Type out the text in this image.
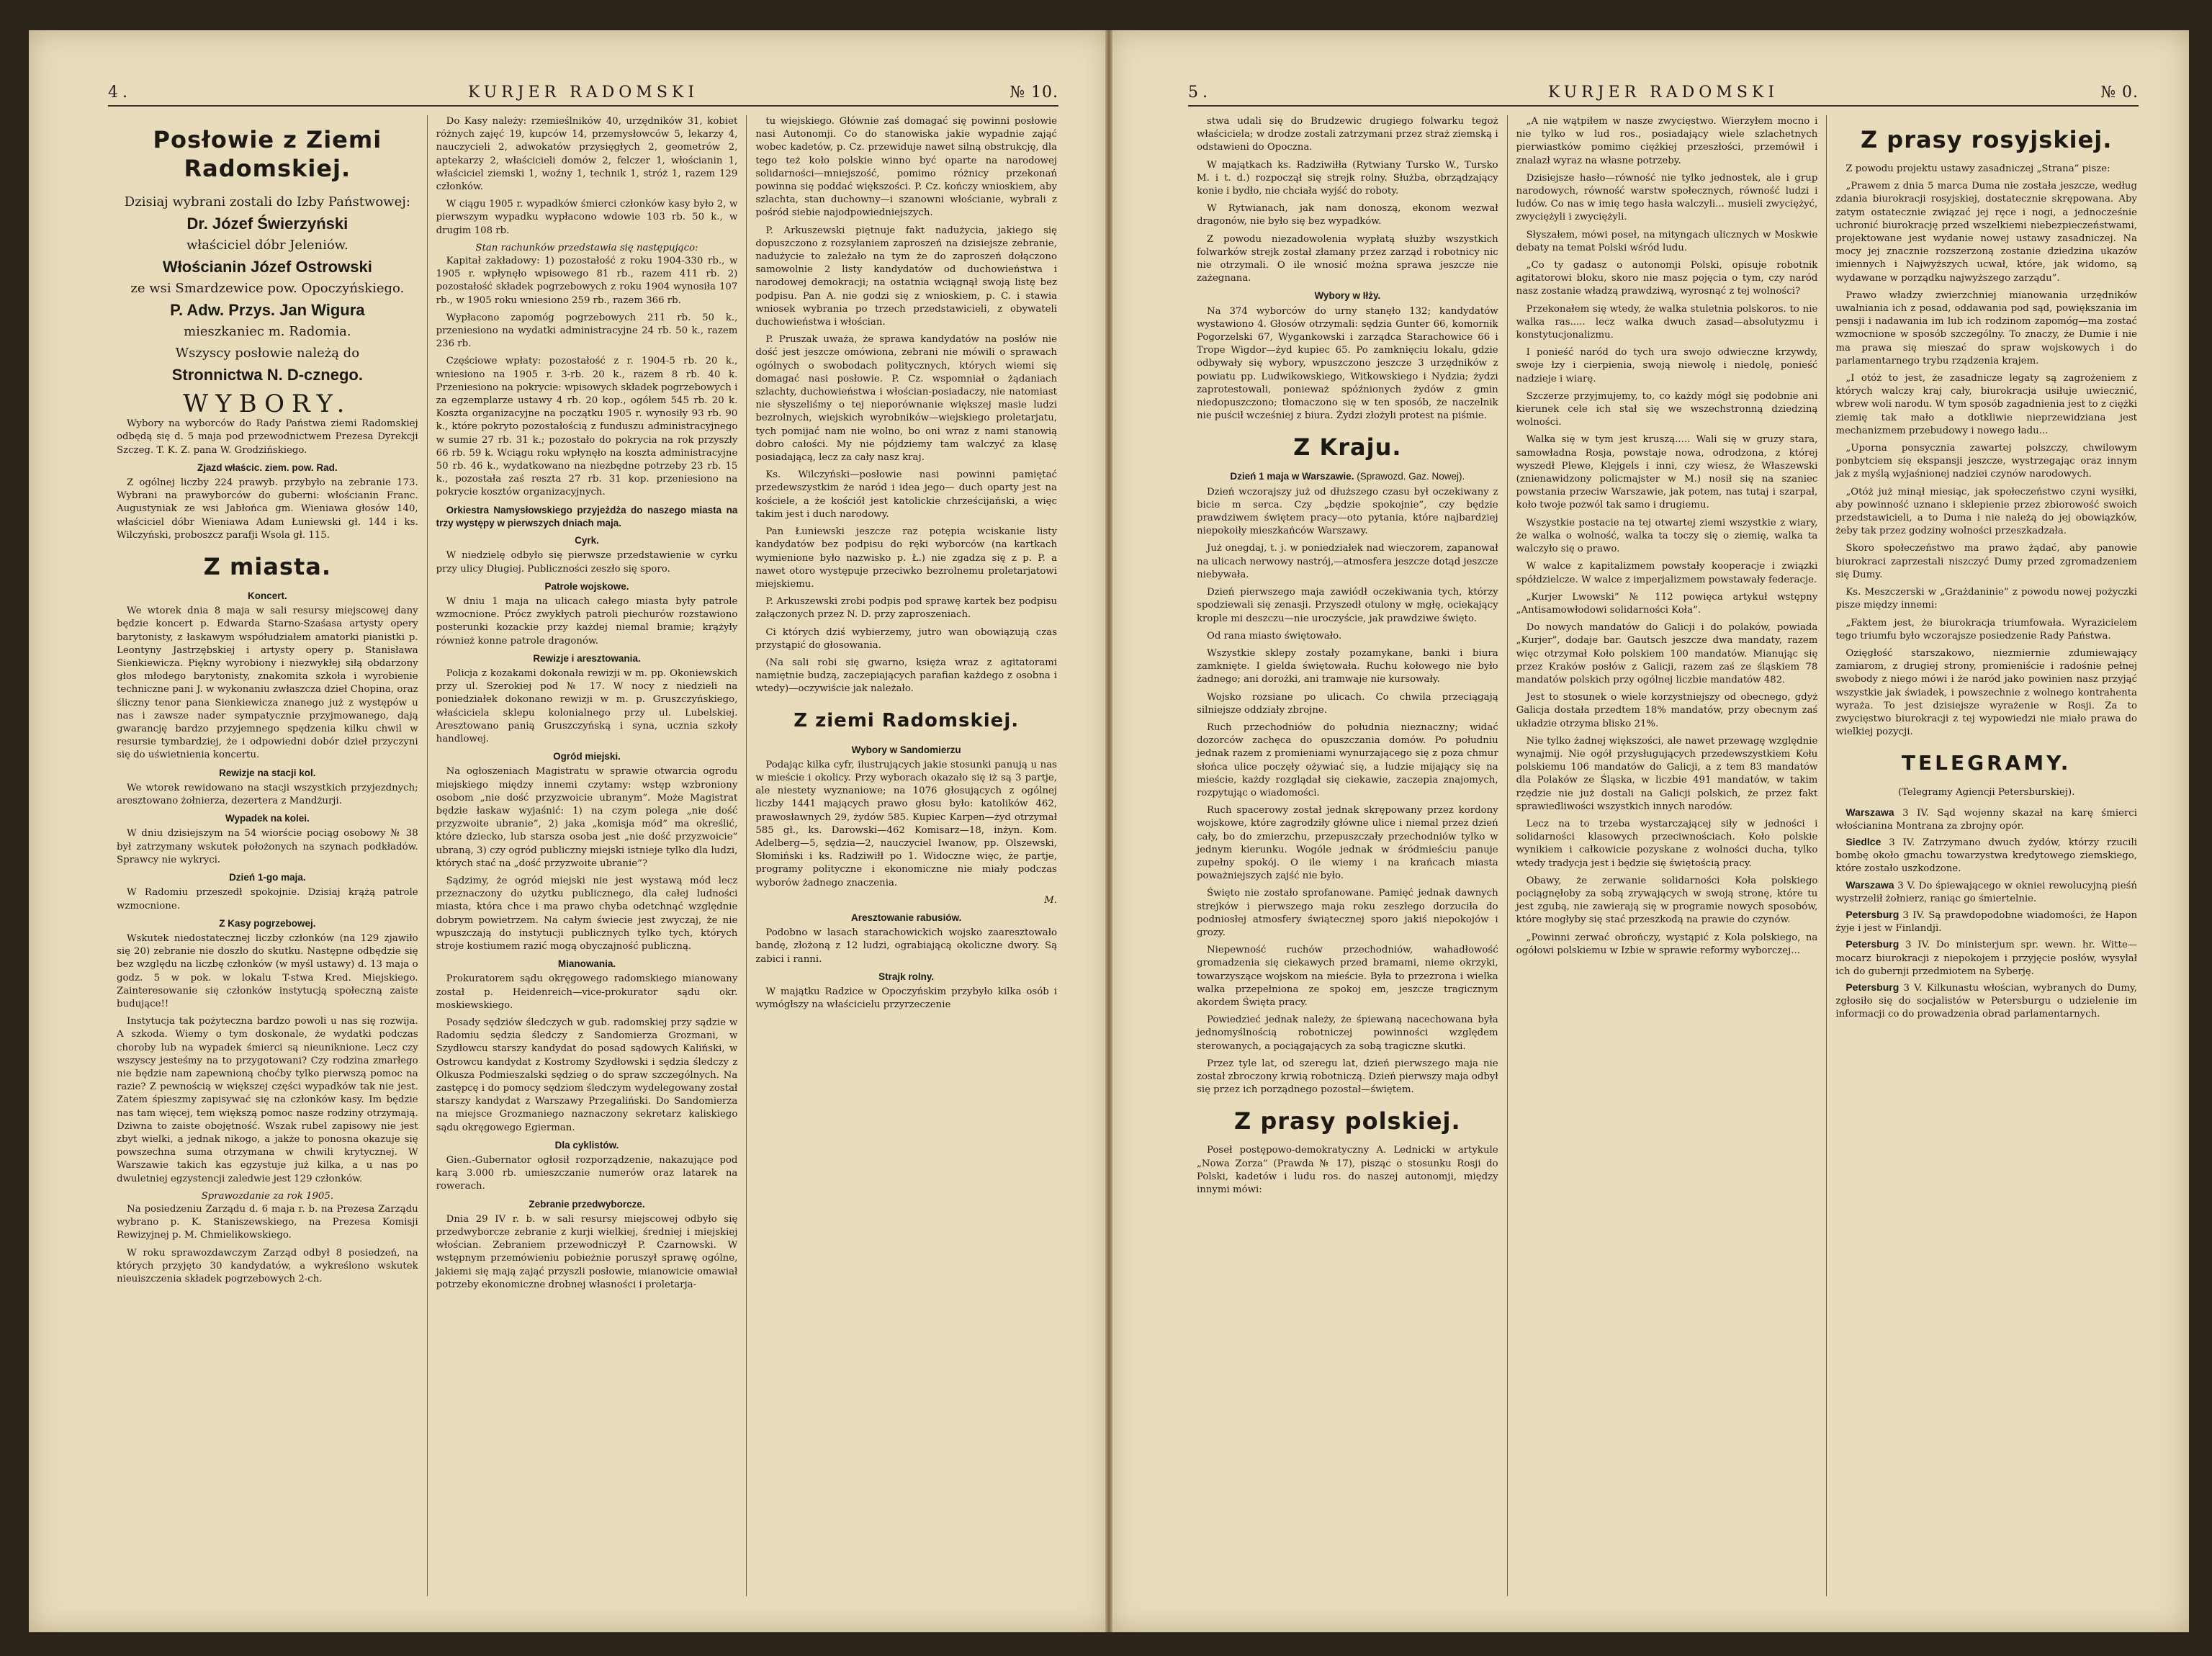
4.	KURJER RADOMSKI	№ 10.
Posłowie z Ziemi Radomskiej.
Dzisiaj wybrani zostali do Izby Państwowej:
Dr. Józef Świerzyński
właściciel dóbr Jeleniów.
Włościanin Józef Ostrowski
ze wsi Smardzewice pow. Opoczyńskiego.
P. Adw. Przys. Jan Wigura
mieszkaniec m. Radomia.
Wszyscy posłowie należą do
Stronnictwa N. D-cznego.
WYBORY.

Wybory na wyborców do Rady Państwa ziemi Radomskiej odbędą się d. 5 maja pod przewodnictwem Prezesa Dyrekcji Szczeg. T. K. Z. pana W. Grodzińskiego.

Zjazd właścic. ziem. pow. Rad.

Z ogólnej liczby 224 prawyb. przybyło na zebranie 173. Wybrani na prawyborców do guberni: włościanin Franc. Augustyniak ze wsi Jabłońca gm. Wieniawa głosów 140, właściciel dóbr Wieniawa Adam Łuniewski gł. 144 i ks. Wilczyński, proboszcz parafji Wsola gł. 115.

Z miasta.
Koncert.

We wtorek dnia 8 maja w sali resursy miejscowej dany będzie koncert p. Edwarda Starno-Szaśasa artysty opery barytonisty, z łaskawym współudziałem amatorki pianistki p. Leontyny Jastrzębskiej i artysty opery p. Stanisława Sienkiewicza. Piękny wyrobiony i niezwykłej siłą obdarzony głos młodego barytonisty, znakomita szkoła i wyrobienie techniczne pani J. w wykonaniu zwłaszcza dzieł Chopina, oraz śliczny tenor pana Sienkiewicza znanego już z występów u nas i zawsze nader sympatycznie przyjmowanego, dają gwarancję bardzo przyjemnego spędzenia kilku chwil w resursie tymbardziej, że i odpowiedni dobór dzieł przyczyni się do uświetnienia koncertu.

Rewizje na stacji kol.

We wtorek rewidowano na stacji wszystkich przyjezdnych; aresztowano żołnierza, dezertera z Mandżurji.

Wypadek na kolei.

W dniu dzisiejszym na 54 wiorście pociąg osobowy № 38 był zatrzymany wskutek położonych na szynach podkładów. Sprawcy nie wykryci.

Dzień 1-go maja.

W Radomiu przeszedł spokojnie. Dzisiaj krążą patrole wzmocnione.

Z Kasy pogrzebowej.

Wskutek niedostatecznej liczby członków (na 129 zjawiło się 20) zebranie nie doszło do skutku. Następne odbędzie się bez względu na liczbę członków (w myśl ustawy) d. 13 maja o godz. 5 w pok. w lokalu T-stwa Kred. Miejskiego. Zainteresowanie się członków instytucją społeczną zaiste budujące!!

Instytucja tak pożyteczna bardzo powoli u nas się rozwija. A szkoda. Wiemy o tym doskonale, że wydatki podczas choroby lub na wypadek śmierci są nieuniknione. Lecz czy wszyscy jesteśmy na to przygotowani? Czy rodzina zmarłego nie będzie nam zapewnioną choćby tylko pierwszą pomoc na razie? Z pewnością w większej części wypadków tak nie jest. Zatem śpieszmy zapisywać się na członków kasy. Im będzie nas tam więcej, tem większą pomoc nasze rodziny otrzymają. Dziwna to zaiste obojętność. Wszak rubel zapisowy nie jest zbyt wielki, a jednak nikogo, a jakże to ponosna okazuje się powszechna suma otrzymana w chwili krytycznej. W Warszawie takich kas egzystuje już kilka, a u nas po dwuletniej egzystencji zaledwie jest 129 członków.

Sprawozdanie za rok 1905.

Na posiedzeniu Zarządu d. 6 maja r. b. na Prezesa Zarządu wybrano p. K. Staniszewskiego, na Prezesa Komisji Rewizyjnej p. M. Chmielikowskiego.

W roku sprawozdawczym Zarząd odbył 8 posiedzeń, na których przyjęto 30 kandydatów, a wykreślono wskutek nieuiszczenia składek pogrzebowych 2-ch.

Do Kasy należy: rzemieślników 40, urzędników 31, kobiet różnych zajęć 19, kupców 14, przemysłowców 5, lekarzy 4, nauczycieli 2, adwokatów przysięgłych 2, geometrów 2, aptekarzy 2, właścicieli domów 2, felczer 1, włościanin 1, właściciel ziemski 1, woźny 1, technik 1, stróż 1, razem 129 członków.

W ciągu 1905 r. wypadków śmierci członków kasy było 2, w pierwszym wypadku wypłacono wdowie 103 rb. 50 k., w drugim 108 rb.

Stan rachunków przedstawia się następująco:

Kapitał zakładowy: 1) pozostałość z roku 1904-330 rb., w 1905 r. wpłynęło wpisowego 81 rb., razem 411 rb. 2) pozostałość składek pogrzebowych z roku 1904 wynosiła 107 rb., w 1905 roku wniesiono 259 rb., razem 366 rb.

Wypłacono zapomóg pogrzebowych 211 rb. 50 k., przeniesiono na wydatki administracyjne 24 rb. 50 k., razem 236 rb.

Częściowe wpłaty: pozostałość z r. 1904-5 rb. 20 k., wniesiono na 1905 r. 3-rb. 20 k., razem 8 rb. 40 k. Przeniesiono na pokrycie: wpisowych składek pogrzebowych i za egzemplarze ustawy 4 rb. 20 kop., ogółem 545 rb. 20 k. Koszta organizacyjne na początku 1905 r. wynosiły 93 rb. 90 k., które pokryto pozostałością z funduszu administracyjnego w sumie 27 rb. 31 k.; pozostało do pokrycia na rok przyszły 66 rb. 59 k. Wciągu roku wpłynęło na koszta administracyjne 50 rb. 46 k., wydatkowano na niezbędne potrzeby 23 rb. 15 k., pozostała zaś reszta 27 rb. 31 kop. przeniesiono na pokrycie kosztów organizacyjnych.

Orkiestra Namysłowskiego przyjeżdża do naszego miasta na trzy występy w pierwszych dniach maja.

Cyrk.

W niedzielę odbyło się pierwsze przedstawienie w cyrku przy ulicy Długiej. Publiczności zeszło się sporo.

Patrole wojskowe.

W dniu 1 maja na ulicach całego miasta były patrole wzmocnione. Prócz zwykłych patroli piechurów rozstawiono posterunki kozackie przy każdej niemal bramie; krążyły również konne patrole dragonów.

Rewizje i aresztowania.

Policja z kozakami dokonała rewizji w m. pp. Okoniewskich przy ul. Szerokiej pod № 17. W nocy z niedzieli na poniedziałek dokonano rewizji w m. p. Gruszczyńskiego, właściciela sklepu kolonialnego przy ul. Lubelskiej. Aresztowano panią Gruszczyńską i syna, ucznia szkoły handlowej.

Ogród miejski.

Na ogłoszeniach Magistratu w sprawie otwarcia ogrodu miejskiego między innemi czytamy: wstęp wzbroniony osobom „nie dość przyzwoicie ubranym”. Może Magistrat będzie łaskaw wyjaśnić: 1) na czym polega „nie dość przyzwoite ubranie”, 2) jaka „komisja mód” ma określić, które dziecko, lub starsza osoba jest „nie dość przyzwoicie” ubraną, 3) czy ogród publiczny miejski istnieje tylko dla ludzi, których stać na „dość przyzwoite ubranie”?

Sądzimy, że ogród miejski nie jest wystawą mód lecz przeznaczony do użytku publicznego, dla całej ludności miasta, która chce i ma prawo chyba odetchnąć względnie dobrym powietrzem. Na całym świecie jest zwyczaj, że nie wpuszczają do instytucji publicznych tylko tych, których stroje kostiumem razić mogą obyczajność publiczną.

Mianowania.

Prokuratorem sądu okręgowego radomskiego mianowany został p. Heidenreich—vice-prokurator sądu okr. moskiewskiego.

Posady sędziów śledczych w gub. radomskiej przy sądzie w Radomiu sędzia śledczy z Sandomierza Grozmani, w Szydłowcu starszy kandydat do posad sądowych Kaliński, w Ostrowcu kandydat z Kostromy Szydłowski i sędzia śledczy z Olkusza Podmieszalski sędzieg o do spraw szczególnych. Na zastępcę i do pomocy sędziom śledczym wydelegowany został starszy kandydat z Warszawy Przegaliński. Do Sandomierza na miejsce Grozmaniego naznaczony sekretarz kaliskiego sądu okręgowego Egierman.

Dla cyklistów.

Gien.-Gubernator ogłosił rozporządzenie, nakazujące pod karą 3.000 rb. umieszczanie numerów oraz latarek na rowerach.

Zebranie przedwyborcze.

Dnia 29 IV r. b. w sali resursy miejscowej odbyło się przedwyborcze zebranie z kurji wielkiej, średniej i miejskiej włościan. Zebraniem przewodniczył P. Czarnowski. W wstępnym przemówieniu pobieżnie poruszył sprawę ogólne, jakiemi się mają zająć przyszli posłowie, mianowicie omawiał potrzeby ekonomiczne drobnej własności i proletarja-

tu wiejskiego. Głównie zaś domagać się powinni posłowie nasi Autonomji. Co do stanowiska jakie wypadnie zająć wobec kadetów, p. Cz. przewiduje nawet silną obstrukcję, dla tego też koło polskie winno być oparte na narodowej solidarności—mniejszość, pomimo różnicy przekonań powinna się poddać większości. P. Cz. kończy wnioskiem, aby szlachta, stan duchowny—i szanowni włościanie, wybrali z pośród siebie najodpowiedniejszych.

P. Arkuszewski piętnuje fakt nadużycia, jakiego się dopuszczono z rozsyłaniem zaproszeń na dzisiejsze zebranie, nadużycie to zależało na tym że do zaproszeń dołączono samowolnie 2 listy kandydatów od duchowieństwa i narodowej demokracji; na ostatnia wciągnął swoją listę bez podpisu. Pan A. nie godzi się z wnioskiem, p. C. i stawia wniosek wybrania po trzech przedstawicieli, z obywateli duchowieństwa i włościan.

P. Pruszak uważa, że sprawa kandydatów na posłów nie dość jest jeszcze omówiona, zebrani nie mówili o sprawach ogólnych o swobodach politycznych, których wiemi się domagać nasi posłowie. P. Cz. wspomniał o żądaniach szlachty, duchowieństwa i włościan-posiadaczy, nie natomiast nie słyszeliśmy o tej nieporównanie większej masie ludzi bezrolnych, wiejskich wyrobników—wiejskiego proletarjatu, tych pomijać nam nie wolno, bo oni wraz z nami stanowią dobro całości. My nie pójdziemy tam walczyć za klasę posiadającą, lecz za cały nasz kraj.

Ks. Wilczyński—posłowie nasi powinni pamiętać przedewszystkim że naród i idea jego— duch oparty jest na kościele, a że kościół jest katolickie chrześcijański, a więc takim jest i duch narodowy.

Pan Łuniewski jeszcze raz potępia wciskanie listy kandydatów bez podpisu do ręki wyborców (na kartkach wymienione było nazwisko p. Ł.) nie zgadza się z p. P. a nawet otoro występuje przeciwko bezrolnemu proletarjatowi miejskiemu.

P. Arkuszewski zrobi podpis pod sprawę kartek bez podpisu załączonych przez N. D. przy zaproszeniach.

Ci których dziś wybierzemy, jutro wan obowiązują czas przystąpić do głosowania.

(Na sali robi się gwarno, księża wraz z agitatorami namiętnie budzą, zaczepiających parafian każdego z osobna i wtedy)—oczywiście jak należało.

Z ziemi Radomskiej.
Wybory w Sandomierzu

Podając kilka cyfr, ilustrujących jakie stosunki panują u nas w mieście i okolicy. Przy wyborach okazało się iż są 3 partje, ale niestety wyznaniowe; na 1076 głosujących z ogólnej liczby 1441 mających prawo głosu było: katolików 462, prawosławnych 29, żydów 585. Kupiec Karpen—żyd otrzymał 585 gł., ks. Darowski—462 Komisarz—18, inżyn. Kom. Adelberg—5, sędzia—2, nauczyciel Iwanow, pp. Olszewski, Słomiński i ks. Radziwiłł po 1. Widoczne więc, że partje, programy polityczne i ekonomiczne nie miały podczas wyborów żadnego znaczenia.

M.
Aresztowanie rabusiów.

Podobno w lasach starachowickich wojsko zaaresztowało bandę, złożoną z 12 ludzi, ograbiającą okoliczne dwory. Są zabici i ranni.

Strajk rolny.

W majątku Radzice w Opoczyńskim przybyło kilka osób i wymógłszy na właścicielu przyrzeczenie

5.	KURJER RADOMSKI	№ 0.

stwa udali się do Brudzewic drugiego folwarku tegoż właściciela; w drodze zostali zatrzymani przez straż ziemską i odstawieni do Opoczna.

W majątkach ks. Radziwiłła (Rytwiany Tursko W., Tursko M. i t. d.) rozpoczął się strejk rolny. Służba, obrządzający konie i bydło, nie chciała wyjść do roboty.

W Rytwianach, jak nam donoszą, ekonom wezwał dragonów, nie było się bez wypadków.

Z powodu niezadowolenia wypłatą służby wszystkich folwarków strejk został złamany przez zarząd i robotnicy nic nie otrzymali. O ile wnosić można sprawa jeszcze nie zażegnana.

Wybory w Iłży.

Na 374 wyborców do urny stanęło 132; kandydatów wystawiono 4. Głosów otrzymali: sędzia Gunter 66, komornik Pogorzelski 67, Wygankowski i zarządca Starachowice 66 i Trope Wigdor—żyd kupiec 65. Po zamknięciu lokalu, gdzie odbywały się wybory, wpuszczono jeszcze 3 urzędników z powiatu pp. Ludwikowskiego, Witkowskiego i Nydzia; żydzi zaprotestowali, ponieważ spóźnionych żydów z gmin niedopuszczono; tłomaczono się w ten sposób, że naczelnik nie puścił wcześniej z biura. Żydzi złożyli protest na piśmie.

Z Kraju.
Dzień 1 maja w Warszawie. (Sprawozd. Gaz. Nowej).

Dzień wczorajszy już od dłuższego czasu był oczekiwany z bicie m serca. Czy „będzie spokojnie”, czy będzie prawdziwem świętem pracy—oto pytania, które najbardziej niepokoiły mieszkańców Warszawy.

Już onegdaj, t. j. w poniedziałek nad wieczorem, zapanował na ulicach nerwowy nastrój,—atmosfera jeszcze dotąd jeszcze niebywała.

Dzień pierwszego maja zawiódł oczekiwania tych, którzy spodziewali się zenasji. Przyszedł otulony w mgłę, ociekający krople mi deszczu—nie uroczyście, jak prawdziwe święto.

Od rana miasto świętowało.

Wszystkie sklepy zostały pozamykane, banki i biura zamknięte. I gielda świętowała. Ruchu kołowego nie było żadnego; ani dorożki, ani tramwaje nie kursowały.

Wojsko rozsiane po ulicach. Co chwila przeciągają silniejsze oddziały zbrojne.

Ruch przechodniów do południa nieznaczny; widać dozorców zachęca do opuszczania domów. Po południu jednak razem z promieniami wynurzającego się z poza chmur słońca ulice poczęły ożywiać się, a ludzie mijający się na mieście, każdy rozglądał się ciekawie, zaczepia znajomych, rozpytując o wiadomości.

Ruch spacerowy został jednak skrępowany przez kordony wojskowe, które zagrodziły główne ulice i niemal przez dzień cały, bo do zmierzchu, przepuszczały przechodniów tylko w jednym kierunku. Wogóle jednak w śródmieściu panuje zupełny spokój. O ile wiemy i na krańcach miasta poważniejszych zajść nie było.

Święto nie zostało sprofanowane. Pamięć jednak dawnych strejków i pierwszego maja roku zeszłego dorzuciła do podniosłej atmosfery świątecznej sporo jakiś niepokojów i grozy.

Niepewność ruchów przechodniów, wahadłowość gromadzenia się ciekawych przed bramami, nieme okrzyki, towarzyszące wojskom na mieście. Była to przezrona i wielka walka przepełniona ze spokoj em, jeszcze tragicznym akordem Święta pracy.

Powiedzieć jednak należy, że śpiewaną nacechowana była jednomyślnością robotniczej powinności względem sterowanych, a pociągających za sobą tragiczne skutki.

Przez tyle lat, od szeregu lat, dzień pierwszego maja nie został zbroczony krwią robotniczą. Dzień pierwszy maja odbył się przez ich porządnego pozostał—świętem.

Z prasy polskiej.

Poseł postępowo-demokratyczny A. Lednicki w artykule „Nowa Zorza” (Prawda № 17), pisząc o stosunku Rosji do Polski, kadetów i ludu ros. do naszej autonomji, między innymi mówi:

„A nie wątpiłem w nasze zwycięstwo. Wierzyłem mocno i nie tylko w lud ros., posiadający wiele szlachetnych pierwiastków pomimo ciężkiej przeszłości, przemówił i znalazł wyraz na własne potrzeby.

Dzisiejsze hasło—równość nie tylko jednostek, ale i grup narodowych, równość warstw społecznych, równość ludzi i ludów. Co nas w imię tego hasła walczyli... musieli zwyciężyć, zwyciężyli i zwyciężyli.

Słyszałem, mówi poseł, na mityngach ulicznych w Moskwie debaty na temat Polski wśród ludu.

„Co ty gadasz o autonomji Polski, opisuje robotnik agitatorowi bloku, skoro nie masz pojęcia o tym, czy naród nasz zostanie władzą prawdziwą, wyrosnąć z tej wolności?

Przekonałem się wtedy, że walka stuletnia polskoros. to nie walka ras..... lecz walka dwuch zasad—absolutyzmu i konstytucjonalizmu.

I ponieść naród do tych ura swojo odwieczne krzywdy, swoje łzy i cierpienia, swoją niewolę i niedolę, ponieść nadzieje i wiarę.

Szczerze przyjmujemy, to, co każdy mógł się podobnie ani kierunek cele ich stał się we wszechstronną dziedziną wolności.

Walka się w tym jest kruszą..... Wali się w gruzy stara, samowładna Rosja, powstaje nowa, odrodzona, z której wyszedł Plewe, Klejgels i inni, czy wiesz, że Właszewski (znienawidzony policmajster w M.) nosił się na szaniec powstania przeciw Warszawie, jak potem, nas tutaj i szarpał, koło twoje pozwól tak samo i drugiemu.

Wszystkie postacie na tej otwartej ziemi wszystkie z wiary, że walka o wolność, walka ta toczy się o ziemię, walka ta walczyło się o prawo.

W walce z kapitalizmem powstały kooperacje i związki spółdzielcze. W walce z imperjalizmem powstawały federacje.

„Kurjer Lwowski” № 112 powięca artykuł wstępny „Antisamowłodowi solidarności Koła”.

Do nowych mandatów do Galicji i do polaków, powiada „Kurjer”, dodaje bar. Gautsch jeszcze dwa mandaty, razem więc otrzymał Koło polskiem 100 mandatów. Mianując się przez Kraków posłów z Galicji, razem zaś ze śląskiem 78 mandatów polskich przy ogólnej liczbie mandatów 482.

Jest to stosunek o wiele korzystniejszy od obecnego, gdyż Galicja dostała przedtem 18% mandatów, przy obecnym zaś układzie otrzyma blisko 21%.

Nie tylko żadnej większości, ale nawet przewagę względnie wynajmij. Nie ogół przysługujących przedewszystkiem Kołu polskiemu 106 mandatów do Galicji, a z tem 83 mandatów dla Polaków ze Śląska, w liczbie 491 mandatów, w takim rzędzie nie już dostali na Galicji polskich, że przez fakt sprawiedliwości wszystkich innych narodów.

Lecz na to trzeba wystarczającej siły w jedności i solidarności klasowych przeciwnościach. Koło polskie wynikiem i całkowicie pozyskane z wolności ducha, tylko wtedy tradycja jest i będzie się świętością pracy.

Obawy, że zerwanie solidarności Koła polskiego pociągnęłoby za sobą zrywających w swoją stronę, które tu jest zgubą, nie zawierają się w programie nowych sposobów, które mogłyby się stać przeszkodą na prawie do czynów.

„Powinni zerwać obrończy, wystąpić z Kola polskiego, na ogółowi polskiemu w Izbie w sprawie reformy wyborczej...

Z prasy rosyjskiej.

Z powodu projektu ustawy zasadniczej „Strana” pisze:

„Prawem z dnia 5 marca Duma nie została jeszcze, według zdania biurokracji rosyjskiej, dostatecznie skrępowana. Aby zatym ostatecznie związać jej ręce i nogi, a jednocześnie uchronić biurokrację przed wszelkiemi niebezpieczeństwami, projektowane jest wydanie nowej ustawy zasadniczej. Na mocy jej znacznie rozszerzoną zostanie dziedzina ukazów imiennych i Najwyższych ucwał, które, jak widomo, są wydawane w porządku najwyższego zarządu”.

Prawo władzy zwierzchniej mianowania urzędników uwalniania ich z posad, oddawania pod sąd, powiększania im pensji i nadawania im lub ich rodzinom zapomóg—ma zostać wzmocnione w sposób szczególny. To znaczy, że Dumie i nie ma prawa się mieszać do spraw wojskowych i do parlamentarnego trybu rządzenia krajem.

„I otóż to jest, że zasadnicze legaty są zagrożeniem z których walczy kraj cały, biurokracja usiłuje uwiecznić, wbrew woli narodu. W tym sposób zagadnienia jest to z ciężki ziemię tak mało a dotkliwie nieprzewidziana jest mechanizmem przebudowy i nowego ładu...

„Uporna ponsycznia zawartej polszczy, chwilowym ponbytciem się ekspansji jeszcze, wystrzegając oraz innym jak z myślą wyjaśnionej nadziei czynów narodowych.

„Otóż już minął miesiąc, jak społeczeństwo czyni wysiłki, aby powinność uznano i sklepienie przez zbiorowość swoich przedstawicieli, a to Duma i nie należą do jej obowiązków, żeby tak przez godziny wolności przeszkadzała.

Skoro społeczeństwo ma prawo żądać, aby panowie biurokraci zaprzestali niszczyć Dumy przed zgromadzeniem się Dumy.

Ks. Meszczerski w „Grażdaninie” z powodu nowej pożyczki pisze między innemi:

„Faktem jest, że biurokracja triumfowała. Wyrazicielem tego triumfu było wczorajsze posiedzenie Rady Państwa.

Ozięgłość starszakowo, niezmiernie zdumiewający zamiarom, z drugiej strony, promieniście i radośnie pełnej swobody z niego mówi i że naród jako powinien nasz przyjąć wszystkie jak świadek, i powszechnie z wolnego kontrahenta wyraża. To jest dzisiejsze wyrażenie w Rosji. Za to zwycięstwo biurokracji z tej wypowiedzi nie miało prawa do wielkiej pozycji.

TELEGRAMY.
(Telegramy Agiencji Petersburskiej).

Warszawa 3 IV. Sąd wojenny skazał na karę śmierci włościanina Montrana za zbrojny opór.

Siedlce 3 IV. Zatrzymano dwuch żydów, którzy rzucili bombę około gmachu towarzystwa kredytowego ziemskiego, które zostało uszkodzone.

Warszawa 3 V. Do śpiewającego w okniei rewolucyjną pieśń wystrzelił żołnierz, raniąc go śmiertelnie.

Petersburg 3 IV. Są prawdopodobne wiadomości, że Hapon żyje i jest w Finlandji.

Petersburg 3 IV. Do ministerjum spr. wewn. hr. Witte—mocarz biurokracji z niepokojem i przyjęcie posłów, wysyłał ich do gubernji przedmiotem na Syberję.

Petersburg 3 V. Kilkunastu włościan, wybranych do Dumy, zgłosiło się do socjalistów w Petersburgu o udzielenie im informacji co do prowadzenia obrad parlamentarnych.
